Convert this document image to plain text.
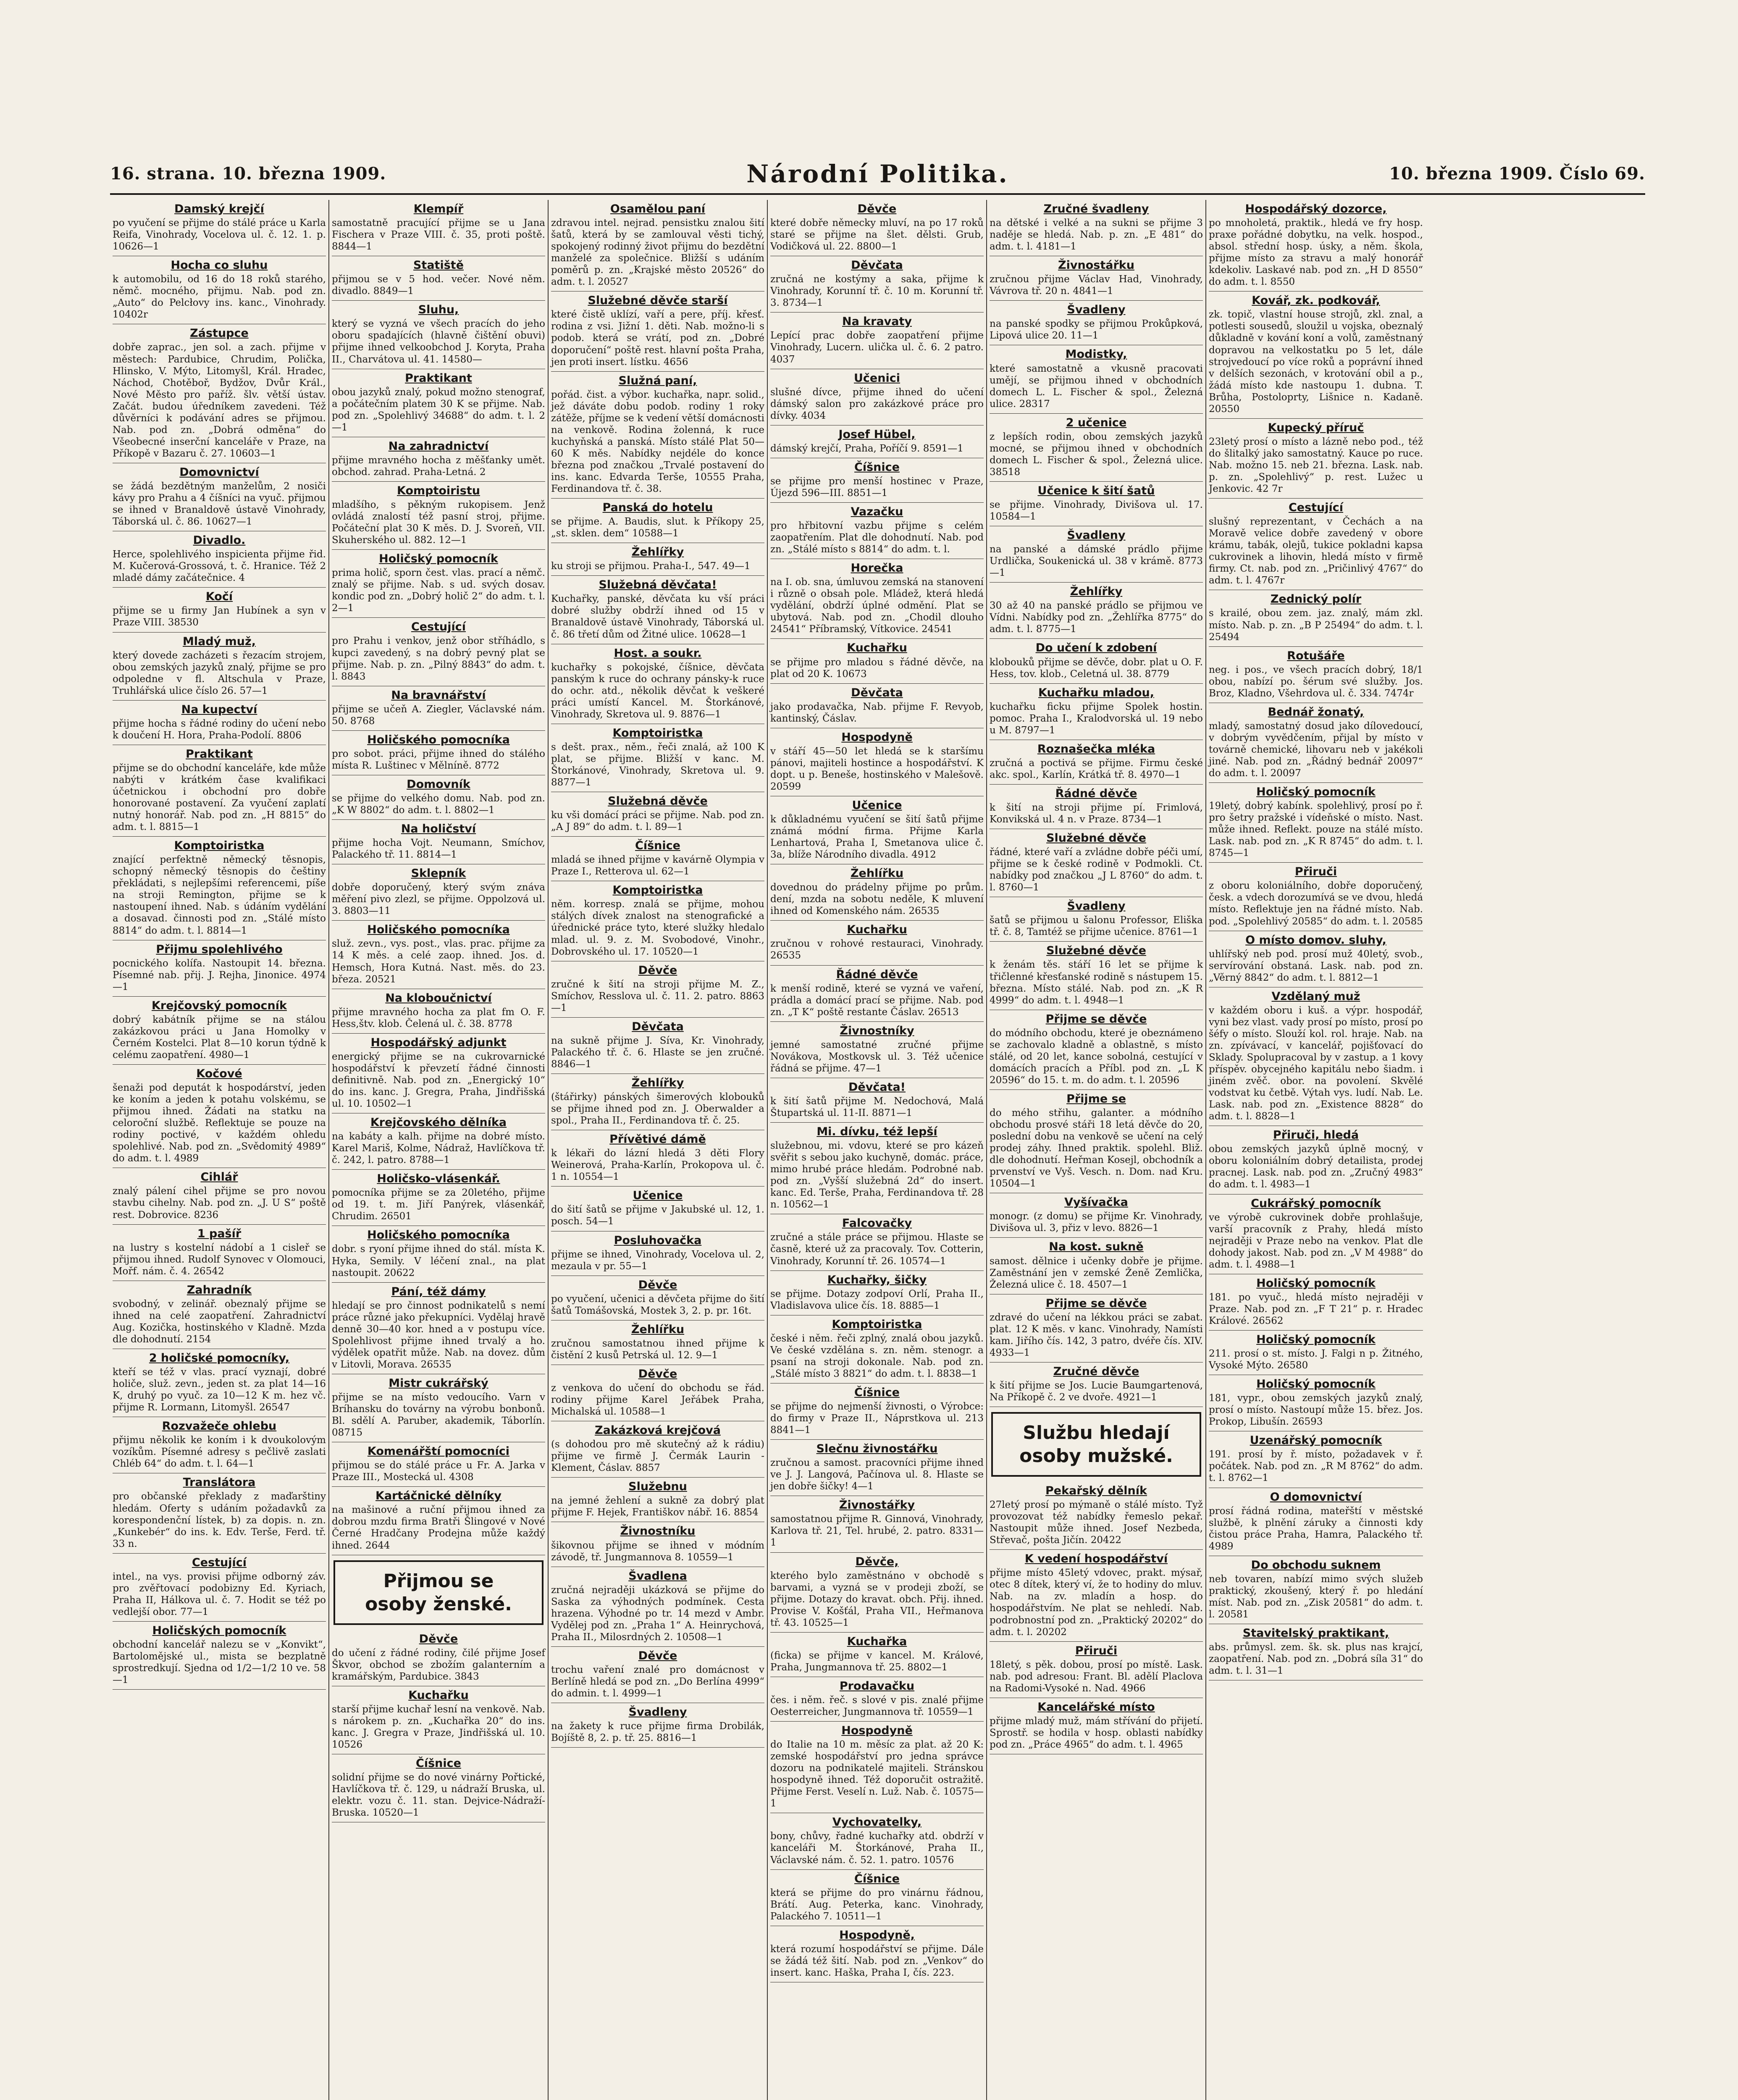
16. strana. 10. března 1909.	Národní Politika.	10. března 1909. Číslo 69.
Damský krejčí

po vyučení se přijme do stálé práce u Karla Reifa, Vinohrady, Vocelova ul. č. 12. 1. p. 10626—1

Hocha co sluhu

k automobilu, od 16 do 18 roků starého, němč. mocného, přijmu. Nab. pod zn. „Auto“ do Pelcłovy ins. kanc., Vinohrady. 10402r

Zástupce

dobře zaprac., jen sol. a zach. přijme v městech: Pardubice, Chrudim, Polička, Hlinsko, V. Mýto, Litomyšl, Král. Hradec, Náchod, Chotěboř, Bydžov, Dvůr Král., Nové Město pro paříž. šlv. větší ústav. Začát. budou úředníkem zavedeni. Též důvěrníci k podávání adres se přijmou. Nab. pod zn. „Dobrá odměna“ do Všeobecné inserční kanceláře v Praze, na Příkopě v Bazaru č. 27. 10603—1

Domovnictví

se žádá bezdětným manželům, 2 nosiči kávy pro Prahu a 4 číšníci na vyuč. přijmou se ihned v Branaldově ústavě Vinohrady, Táborská ul. č. 86. 10627—1

Divadlo.

Herce, spolehlivého inspicienta přijme řid. M. Kučerová-Grossová, t. č. Hranice. Též 2 mladé dámy začátečnice. 4

Kočí

přijme se u firmy Jan Hubínek a syn v Praze VIII. 38530

Mladý muž,

který dovede zacházeti s řezacím strojem, obou zemských jazyků znalý, přijme se pro odpoledne v fl. Altschula v Praze, Truhlářská ulice číslo 26. 57—1

Na kupectví

přijme hocha s řádné rodiny do učení nebo k doučení H. Hora, Praha-Podolí. 8806

Praktikant

přijme se do obchodní kanceláře, kde může nabýti v krátkém čase kvalifikaci účetnickou i obchodní pro dobře honorované postavení. Za vyučení zaplatí nutný honorář. Nab. pod zn. „H 8815“ do adm. t. l. 8815—1

Komptoiristka

znající perfektně německý těsnopis, schopný německý těsnopis do češtiny překládati, s nejlepšími referencemi, píše na stroji Remington, přijme se k nastoupení ihned. Nab. s údáním vydělání a dosavad. činnosti pod zn. „Stálé místo 8814“ do adm. t. l. 8814—1

Přijmu spolehlivého

pocnického kolífa. Nastoupit 14. března. Písemné nab. přij. J. Rejha, Jinonice. 4974—1

Krejčovský pomocník

dobrý kabátník přijme se na stálou zakázkovou práci u Jana Homolky v Černém Kostelci. Plat 8—10 korun týdně k celému zaopatření. 4980—1

Kočové

šenaži pod deputát k hospodárství, jeden ke koním a jeden k potahu volskému, se přijmou ihned. Žádati na statku na celoroční službě. Reflektuje se pouze na rodiny poctivé, v každém ohledu spolehlivé. Nab. pod zn. „Svědomitý 4989“ do adm. t. l. 4989

Cihlář

znalý pálení cihel přijme se pro novou stavbu cihelny. Nab. pod zn. „J. U S“ poště rest. Dobrovice. 8236

1 pašíř

na lustry s kostelní nádobí a 1 cisleř se přijmou ihned. Rudolf Synovec v Olomouci, Mořf. nám. č. 4. 26542

Zahradník

svobodný, v zelinář. obeznalý přijme se ihned na celé zaopatření. Zahradnictví Aug. Kozička, hostinského v Kladně. Mzda dle dohodnutí. 2154

2 holičské pomocníky,

kteří se též v vlas. prací vyznají, dobré holiče, služ. zevn., jeden st. za plat 14—16 K, druhý po vyuč. za 10—12 K m. hez vč. přijme R. Lormann, Litomyšl. 26547

Rozvažeče ohlebu

přijmu několik ke koním i k dvoukolovým vozíkům. Písemné adresy s pečlivě zaslati Chléb 64“ do adm. t. l. 64—1

Translátora

pro občanské překlady z maďarštiny hledám. Oferty s udáním požadavků za korespondenční lístek, b) za dopis. n. zn. „Kunkebér“ do ins. k. Edv. Terše, Ferd. tř. 33 n.

Cestující

intel., na vys. provisi přijme odborný záv. pro zvěřtovací podobizny Ed. Kyriach, Praha II, Hálkova ul. č. 7. Hodit se též po vedlejší obor. 77—1

Holičských pomocník

obchodní kancelář nalezu se v „Konvikt“, Bartolomějské ul., mista se bezplatně sprostredkují. Sjedna od 1/2—1/2 10 ve. 58—1

Klempíř

samostatně pracující přijme se u Jana Fischera v Praze VIII. č. 35, proti poště. 8844—1

Statiště

přijmou se v 5 hod. večer. Nové něm. divadlo. 8849—1

Sluhu,

který se vyzná ve všech pracích do jeho oboru spadajících (hlavně čištění obuvi) přijme ihned velkoobchod J. Koryta, Praha II., Charvátova ul. 41. 14580—

Praktikant

obou jazyků znalý, pokud možno stenograf, a počátečním platem 30 K se přijme. Nab. pod zn. „Spolehlivý 34688“ do adm. t. l. 2—1

Na zahradnictví

přijme mravného hocha z měšťanky umět. obchod. zahrad. Praha-Letná. 2

Komptoiristu

mladšího, s pěkným rukopisem. Jenž ovládá znalostí též pasní stroj, přijme. Počáteční plat 30 K měs. D. J. Svoreň, VII. Skuherského ul. 882. 12—1

Holičský pomocník

prima holič, sporn čest. vlas. prací a němč. znalý se přijme. Nab. s ud. svých dosav. kondic pod zn. „Dobrý holič 2“ do adm. t. l. 2—1

Cestující

pro Prahu i venkov, jenž obor stříhádlo, s kupci zavedený, s na dobrý pevný plat se přijme. Nab. p. zn. „Pilný 8843“ do adm. t. l. 8843

Na bravnářství

přijme se učeň A. Ziegler, Václavské nám. 50. 8768

Holičského pomocníka

pro sobot. práci, přijme ihned do stálého místa R. Luštinec v Mělníně. 8772

Domovník

se přijme do velkého domu. Nab. pod zn. „K W 8802“ do adm. t. l. 8802—1

Na holičství

přijme hocha Vojt. Neumann, Smíchov, Palackého tř. 11. 8814—1

Sklepník

dobře doporučený, který svým znáva měření pivo zlezl, se přijme. Oppolzová ul. 3. 8803—11

Holičského pomocníka

služ. zevn., vys. post., vlas. prac. přijme za 14 K měs. a celé zaop. ihned. Jos. d. Hemsch, Hora Kutná. Nast. měs. do 23. březa. 20521

Na kloboučnictví

přijme mravného hocha za plat fm O. F. Hess,štv. klob. Čelená ul. č. 38. 8778

Hospodářský adjunkt

energický přijme se na cukrovarnické hospodářství k převzetí řádné činnosti definitivně. Nab. pod zn. „Energický 10“ do ins. kanc. J. Gregra, Praha, Jindřišská ul. 10. 10502—1

Krejčovského dělníka

na kabáty a kalh. přijme na dobré místo. Karel Mariš, Kolme, Nádraž, Havlíčkova tř. č. 242, l. patro. 8788—1

Holičsko-vlásenkář.

pomocníka přijme se za 20letého, přijme od 19. t. m. Jiří Panýrek, vlásenkář, Chrudim. 26501

Holičského pomocníka

dobr. s ryoní přijme ihned do stál. místa K. Hyka, Semily. V léčení znal., na plat nastoupit. 20622

Pání, též dámy

hledají se pro činnost podnikatelů s nemí práce různé jako překupníci. Vydělaj hravě denně 30—40 kor. hned a v postupu více. Spolehlivost přijme ihned trvalý a ho. výdělek opatřit může. Nab. na dovez. dům v Litovli, Morava. 26535

Mistr cukrářský

přijme se na místo vedoucího. Varn v Bríhansku do továrny na výrobu bonbonů. Bl. sdělí A. Paruber, akademik, Táborlín. 08715

Komenářští pomocníci

přijmou se do stálé práce u Fr. A. Jarka v Praze III., Mostecká ul. 4308

Kartáčnické dělníky

na mašinové a ruční přijmou ihned za dobrou mzdu firma Bratři Šlingové v Nové Černé Hradčany Prodejna může každý ihned. 2644

Přijmou se
osoby ženské.
Děvče

do učení z řádné rodiny, čilé přijme Josef Škvor, obchod se zbožím galanterním a kramářským, Pardubice. 3843

Kuchařku

starší přijme kuchař lesní na venkově. Nab. s nárokem p. zn. „Kuchařka 20“ do ins. kanc. J. Gregra v Praze, Jindřišská ul. 10. 10526

Číšnice

solidní přijme se do nové vinárny Pořtické, Havlíčkova tř. č. 129, u nádraží Bruska, ul. elektr. vozu č. 11. stan. Dejvice-Nádraží-Bruska. 10520—1

Osamělou paní

zdravou intel. nejrad. pensistku znalou šití šatů, která by se zamlouval věsti tichý, spokojený rodinný život přijmu do bezdětní manželé za společnice. Bližší s udáním poměrů p. zn. „Krajské město 20526“ do adm. t. l. 20527

Služebné děvče starší

které čistě uklízí, vaří a pere, příj. křesť. rodina z vsi. Jižní 1. děti. Nab. možno-li s podob. která se vrátí, pod zn. „Dobré doporučení“ poště rest. hlavní pošta Praha, jen proti insert. lístku. 4656

Služná paní,

pořád. čist. a výbor. kuchařka, napr. solid., jež dáváte dobu podob. rodiny 1 roky zátěže, příjme se k vedení větší domácnosti na venkově. Rodina žolenná, k ruce kuchyňská a panská. Místo stálé Plat 50—60 K měs. Nabídky nejdéle do konce března pod značkou „Trvalé postavení do ins. kanc. Edvarda Terše, 10555 Praha, Ferdinandova tř. č. 38.

Panská do hotelu

se přijme. A. Baudis, slut. k Příkopy 25, „st. sklen. dem“ 10588—1

Žehlířky

ku stroji se přijmou. Praha-I., 547. 49—1

Služebná děvčata!

Kuchařky, panské, děvčata ku vší práci dobré služby obdrží ihned od 15 v Branaldově ústavě Vinohrady, Táborská ul. č. 86 třetí dům od Žitné ulice. 10628—1

Host. a soukr.

kuchařky s pokojské, číšnice, děvčata panským k ruce do ochrany pánsky-k ruce do ochr. atd., několik děvčat k veškeré práci umístí Kancel. M. Štorkánové, Vinohrady, Skretova ul. 9. 8876—1

Komptoiristka

s dešt. prax., něm., řeči znalá, až 100 K plat, se přijme. Bližší v kanc. M. Štorkánové, Vinohrady, Skretova ul. 9. 8877—1

Služebná děvče

ku vši domácí práci se přijme. Nab. pod zn. „A J 89“ do adm. t. l. 89—1

Číšnice

mladá se ihned přijme v kavárně Olympia v Praze I., Retterova ul. 62—1

Komptoiristka

něm. korresp. znalá se přijme, mohou stálých dívek znalost na stenografické a úřednické práce tyto, které služky hledalo mlad. ul. 9. z. M. Svobodové, Vinohr., Dobrovského ul. 17. 10520—1

Děvče

zručné k šití na stroji přijme M. Z., Smíchov, Resslova ul. č. 11. 2. patro. 8863—1

Děvčata

na sukně přijme J. Síva, Kr. Vinohrady, Palackého tř. č. 6. Hlaste se jen zručné. 8846—1

Žehlířky

(štářirky) pánských šimerových klobouků se přijme ihned pod zn. J. Oberwalder a spol., Praha II., Ferdinandova tř. č. 25.

Přívětivé dámě

k lékaři do lázní hledá 3 děti Flory Weinerová, Praha-Karlín, Prokopova ul. č. 1 n. 10554—1

Učenice

do šití šatů se přijme v Jakubské ul. 12, 1. posch. 54—1

Posluhovačka

přijme se ihned, Vinohrady, Vocelova ul. 2, mezaula v pr. 55—1

Děvče

po vyučení, učenici a děvčeta přijme do šití šatů Tomášovská, Mostek 3, 2. p. pr. 16t.

Žehlířku

zručnou samostatnou ihned přijme k čistění 2 kusů Petrská ul. 12. 9—1

Děvče

z venkova do učení do obchodu se řád. rodiny přijme Karel Jeřábek Praha, Michalská ul. 10588—1

Zakázková krejčová

(s dohodou pro mě skutečný až k rádiu) přijme ve firmě J. Čermák Laurin - Klement, Čáslav. 8857

Služebnu

na jemné žehlení a sukně za dobrý plat přijme F. Hejek, Františkov nábř. 16. 8854

Živnostníku

šikovnou přijme se ihned v módním závodě, tř. Jungmannova 8. 10559—1

Švadlena

zručná nejraději ukázková se přijme do Saska za výhodných podmínek. Cesta hrazena. Výhodné po tr. 14 mezd v Ambr. Vydělej pod zn. „Praha 1“ A. Heinrychová, Praha II., Milosrdných 2. 10508—1

Děvče

trochu vaření znalé pro domácnost v Berlíně hledá se pod zn. „Do Berlína 4999“ do admin. t. l. 4999—1

Švadleny

na žakety k ruce přijme firma Drobilák, Bojíště 8, 2. p. tř. 25. 8816—1

Děvče

které dobře německy mluví, na po 17 roků staré se přijme na šlet. dělsti. Grub, Vodičková ul. 22. 8800—1

Děvčata

zručná ne kostýmy a saka, přijme k Vinohrady, Korunní tř. č. 10 m. Korunní tř. 3. 8734—1

Na kravaty

Lepící prac dobře zaopatření přijme Vinohrady, Lucern. ulička ul. č. 6. 2 patro. 4037

Učenici

slušné dívce, přijme ihned do učení dámský salon pro zakázkové práce pro dívky. 4034

Josef Hübel,

dámský krejčí, Praha, Poříčí 9. 8591—1

Číšnice

se přijme pro menší hostinec v Praze, Újezd 596—III. 8851—1

Vazačku

pro hřbitovní vazbu přijme s celém zaopatřením. Plat dle dohodnutí. Nab. pod zn. „Stálé místo s 8814“ do adm. t. l.

Horečka

na I. ob. sna, úmluvou zemská na stanovení i různě o obsah pole. Mládež, která hledá vydělání, obdrží úplné odmění. Plat se ubytová. Nab. pod zn. „Chodil dlouho 24541“ Příbramský, Vítkovice. 24541

Kuchařku

se přijme pro mladou s řádné děvče, na plat od 20 K. 10673

Děvčata

jako prodavačka, Nab. přijme F. Revyob, kantinský, Čáslav.

Hospodyně

v stáří 45—50 let hledá se k staršímu pánovi, majiteli hostince a hospodářství. K dopt. u p. Beneše, hostinského v Malešově. 20599

Učenice

k důkladnému vyučení se šití šatů přijme známá módní firma. Přijme Karla Lenhartová, Praha I, Smetanova ulice č. 3a, blíže Národního divadla. 4912

Žehlířku

dovednou do prádelny přijme po prům. dení, mzda na sobotu neděle, K mluvení ihned od Komenského nám. 26535

Kuchařku

zručnou v rohové restauraci, Vinohrady. 26535

Řádné děvče

k menší rodině, které se vyzná ve vaření, prádla a domácí prací se přijme. Nab. pod zn. „T K“ poště restante Čáslav. 26513

Živnostníky

jemné samostatné zručné přijme Novákova, Mostkovsk ul. 3. Též učenice řádná se přijme. 47—1

Děvčata!

k šití šatů přijme M. Nedochová, Malá Štupartská ul. 11-II. 8871—1

Mi. dívku, též lepší

služebnou, mi. vdovu, které se pro kázeň svěřit s sebou jako kuchyně, domác. práce, mimo hrubé práce hledám. Podrobné nab. pod zn. „Vyšší služebná 2d“ do insert. kanc. Ed. Terše, Praha, Ferdinandova tř. 28 n. 10562—1

Falcovačky

zručné a stále práce se přijmou. Hlaste se časně, které už za pracovaly. Tov. Cotterin, Vinohrady, Korunní tř. 26. 10574—1

Kuchařky, šičky

se přijme. Dotazy zodpoví Orlí, Praha II., Vladislavova ulice čís. 18. 8885—1

Komptoiristka

české i něm. řeči zplný, znalá obou jazyků. Ve české vzdělána s. zn. něm. stenogr. a psaní na stroji dokonale. Nab. pod zn. „Stálé místo 3 8821“ do adm. t. l. 8838—1

Číšnice

se přijme do nejmenší živnosti, o Výrobce: do firmy v Praze II., Náprstkova ul. 213 8841—1

Slečnu živnostářku

zručnou a samost. pracovníci přijme ihned ve J. J. Langová, Pačínova ul. 8. Hlaste se jen dobře šičky! 4—1

Živnostářky

samostatnou přijme R. Ginnová, Vinohrady, Karlova tř. 21, Tel. hrubé, 2. patro. 8331—1

Děvče,

kterého bylo zaměstnáno v obchodě s barvami, a vyzná se v prodeji zboží, se přijme. Dotazy do kravat. obch. Přij. ihned. Provise V. Košťál, Praha VII., Heřmanova tř. 43. 10525—1

Kuchařka

(ficka) se přijme v kancel. M. Králové, Praha, Jungmannova tř. 25. 8802—1

Prodavačku

čes. i něm. řeč. s slové v pis. znalé přijme Oesterreicher, Jungmannova tř. 10559—1

Hospodyně

do Italie na 10 m. měsíc za plat. až 20 K: zemské hospodářství pro jedna správce dozoru na podnikatelé majiteli. Stránskou hospodyně ihned. Též doporučit ostražitě. Přijme Ferst. Veselí n. Luž. Nab. č. 10575—1

Vychovatelky,

bony, chůvy, řadné kuchařky atd. obdrží v kanceláři M. Štorkánové, Praha II., Václavské nám. č. 52. 1. patro. 10576

Číšnice

která se přijme do pro vinárnu řádnou, Brátí. Aug. Peterka, kanc. Vinohrady, Palackého 7. 10511—1

Hospodyně,

která rozumí hospodářství se přijme. Dále se žádá též šití. Nab. pod zn. „Venkov“ do insert. kanc. Haška, Praha I, čís. 223.

Zručné švadleny

na dětské i velké a na sukni se přijme 3 naděje se hledá. Nab. p. zn. „E 481“ do adm. t. l. 4181—1

Živnostářku

zručnou přijme Václav Had, Vinohrady, Vávrova tř. 20 n. 4841—1

Švadleny

na panské spodky se přijmou Prokůpková, Lipová ulice 20. 11—1

Modistky,

které samostatně a vkusně pracovati umějí, se přijmou ihned v obchodních domech L. L. Fischer & spol., Železná ulice. 28317

2 učenice

z lepších rodin, obou zemských jazyků mocné, se přijmou ihned v obchodních domech L. Fischer & spol., Železná ulice. 38518

Učenice k šití šatů

se přijme. Vinohrady, Divišova ul. 17. 10584—1

Švadleny

na panské a dámské prádlo přijme Urdlička, Soukenická ul. 38 v krámě. 8773—1

Žehlířky

30 až 40 na panské prádlo se přijmou ve Vídni. Nabídky pod zn. „Žehlířka 8775“ do adm. t. l. 8775—1

Do učení k zdobení

klobouků přijme se děvče, dobr. plat u O. F. Hess, tov. klob., Celetná ul. 38. 8779

Kuchařku mladou,

kuchařku ficku přijme Spolek hostin. pomoc. Praha I., Kralodvorská ul. 19 nebo u M. 8797—1

Roznašečka mléka

zručná a poctivá se přijme. Firmu české akc. spol., Karlín, Krátká tř. 8. 4970—1

Řádné děvče

k šití na stroji přijme pí. Frimlová, Konvikská ul. 4 n. v Praze. 8734—1

Služebné děvče

řádné, které vaří a zvládne dobře péči umí, přijme se k české rodině v Podmokli. Ct. nabídky pod značkou „J L 8760“ do adm. t. l. 8760—1

Švadleny

šatů se přijmou u šalonu Professor, Eliška tř. č. 8, Tamtéž se přijme učenice. 8761—1

Služebné děvče

k ženám těs. stáří 16 let se přijme k třičlenné křesťanské rodině s nástupem 15. března. Místo stálé. Nab. pod zn. „K R 4999“ do adm. t. l. 4948—1

Přijme se děvče

do módního obchodu, které je obeznámeno se zachovalo kladně a oblastně, s místo stálé, od 20 let, kance sobolná, cestující v domácích pracích a Příbl. pod zn. „L K 20596“ do 15. t. m. do adm. t. l. 20596

Přijme se

do mého střihu, galanter. a módního obchodu prosvé stáři 18 letá děvče do 20, poslední dobu na venkově se učení na celý prodej záhy. Ihned praktik. spolehl. Bliž. dle dohodnutí. Heřman Kosejl, obchodník a prvenství ve Vyš. Vesch. n. Dom. nad Kru. 10504—1

Vyšívačka

monogr. (z domu) se přijme Kr. Vinohrady, Divišova ul. 3, přiz v levo. 8826—1

Na kost. sukně

samost. dělnice i učenky dobře je přijme. Zaměstnání jen v zemské Ženě Zemlička, Železná ulice č. 18. 4507—1

Přijme se děvče

zdravé do učení na lékkou práci se zabat. plat. 12 K měs. v kanc. Vinohrady, Namísti kam. Jiřího čís. 142, 3 patro, dvéře čís. XIV. 4933—1

Zručné děvče

k šití přijme se Jos. Lucie Baumgartenová, Na Příkopě č. 2 ve dvoře. 4921—1

Službu hledají
osoby mužské.
Pekařský dělník

27letý prosí po mýmaně o stálé místo. Tyž provozovat též nabídky řemeslo pekař. Nastoupit může ihned. Josef Nezbeda, Střevač, pošta Jičín. 20422

K vedení hospodářství

přijme místo 45letý vdovec, prakt. mýsař, otec 8 dítek, který ví, že to hodiny do mluv. Nab. na zv. mladín a hosp. do hospodářstvím. Ne plat se nehledí. Nab. podrobnostní pod zn. „Praktický 20202“ do adm. t. l. 20202

Přiruči

18letý, s pěk. dobou, prosí po místě. Lask. nab. pod adresou: Frant. Bl. adělí Placlova na Radomi-Vysoké n. Nad. 4966

Kancelářské místo

přijme mladý muž, mám střívání do přijetí. Sprostř. se hodila v hosp. oblasti nabídky pod zn. „Práce 4965“ do adm. t. l. 4965

Hospodářský dozorce,

po mnoholetá, praktik., hledá ve fry hosp. praxe pořádné dobytku, na velk. hospod., absol. střední hosp. úsky, a něm. škola, přijme místo za stravu a malý honorář kdekoliv. Laskavé nab. pod zn. „H D 8550“ do adm. t. l. 8550

Kovář, zk. podkovář,

zk. topič, vlastní house strojů, zkl. znal, a potlesti sousedů, sloužil u vojska, obeznalý důkladně v kování koní a volů, zaměstnaný dopravou na velkostatku po 5 let, dále strojvedoucí po více roků a poprávní ihned v delších sezonách, v krotování obil a p., žádá místo kde nastoupu 1. dubna. T. Brůha, Postoloprty, Lišnice n. Kadaně. 20550

Kupecký příruč

23letý prosí o místo a lázně nebo pod., též do šlitalký jako samostatný. Kauce po ruce. Nab. možno 15. neb 21. března. Lask. nab. p. zn. „Spolehlivý“ p. rest. Lužec u Jenkovic. 42 7r

Cestující

slušný reprezentant, v Čechách a na Moravě velice dobře zavedený v obore krámu, tabák, olejů, tukice pokladni kapsa cukrovinek a lihovin, hledá místo v firmě firmy. Ct. nab. pod zn. „Pričinlivý 4767“ do adm. t. l. 4767r

Zednický polír

s krailé, obou zem. jaz. znalý, mám zkl. místo. Nab. p. zn. „B P 25494“ do adm. t. l. 25494

Rotušáře

neg. i pos., ve všech pracích dobrý, 18/1 obou, nabízí po. šérum své služby. Jos. Broz, Kladno, Všehrdova ul. č. 334. 7474r

Bednář žonatý,

mladý, samostatný dosud jako dílovedoucí, v dobrým vyvědčením, přijal by místo v továrně chemické, lihovaru neb v jakékoli jiné. Nab. pod zn. „Řádný bednář 20097“ do adm. t. l. 20097

Holičský pomocník

19letý, dobrý kabínk. spolehlivý, prosí po ř. pro šetry pražské i vídeňské o místo. Nast. může ihned. Reflekt. pouze na stálé místo. Lask. nab. pod zn. „K R 8745“ do adm. t. l. 8745—1

Přiruči

z oboru koloniálního, dobře doporučený, česk. a vdech dorozumívá se ve dvou, hledá místo. Reflektuje jen na řádné místo. Nab. pod. „Spolehlivý 20585“ do adm. t. l. 20585

O místo domov. sluhy,

uhlířský neb pod. prosí muž 40letý, svob., servírování obstaná. Lask. nab. pod zn. „Věrný 8842“ do adm. t. l. 8812—1

Vzdělaný muž

v každém oboru i kuš. a výpr. hospodář, vyni bez vlast. vady prosí po místo, prosí po šéfy o místo. Slouží kol. rol. hraje. Nab. na zn. zpívávací, v kancelář, pojišťovací do Sklady. Spolupracoval by v zastup. a 1 kovy příspěv. obycejného kapitálu nebo šiadm. i jiném zvěč. obor. na povolení. Skvělé vodstvat ku četbě. Výtah vys. ludí. Nab. Le. Lask. nab. pod zn. „Existence 8828“ do adm. t. l. 8828—1

Přiruči, hledá

obou zemských jazyků úplně mocný, v oboru koloniálním dobrý detailista, prodej pracnej. Lask. nab. pod zn. „Zručný 4983“ do adm. t. l. 4983—1

Cukrářský pomocník

ve výrobě cukrovinek dobře prohlašuje, varší pracovník z Prahy, hledá místo nejraději v Praze nebo na venkov. Plat dle dohody jakost. Nab. pod zn. „V M 4988“ do adm. t. l. 4988—1

Holičský pomocník

181. po vyuč., hledá místo nejraději v Praze. Nab. pod zn. „F T 21“ p. r. Hradec Králové. 26562

Holičský pomocník

211. prosí o st. místo. J. Falgi n p. Žitného, Vysoké Mýto. 26580

Holičský pomocník

181, vypr., obou zemských jazyků znalý, prosí o místo. Nastoupí může 15. břez. Jos. Prokop, Libušín. 26593

Uzenářský pomocník

191. prosí by ř. místo, požadavek v ř. počátek. Nab. pod zn. „R M 8762“ do adm. t. l. 8762—1

O domovnictví

prosí řádná rodina, mateřští v městské službě, k plnění záruky a činnosti kdy čistou práce Praha, Hamra, Palackého tř. 4989

Do obchodu suknem

neb tovaren, nabízí mimo svých služeb praktický, zkoušený, který ř. po hledání míst. Nab. pod zn. „Zisk 20581“ do adm. t. l. 20581

Stavitelský praktikant,

abs. průmysl. zem. šk. sk. plus nas krajcí, zaopatření. Nab. pod zn. „Dobrá síla 31“ do adm. t. l. 31—1
